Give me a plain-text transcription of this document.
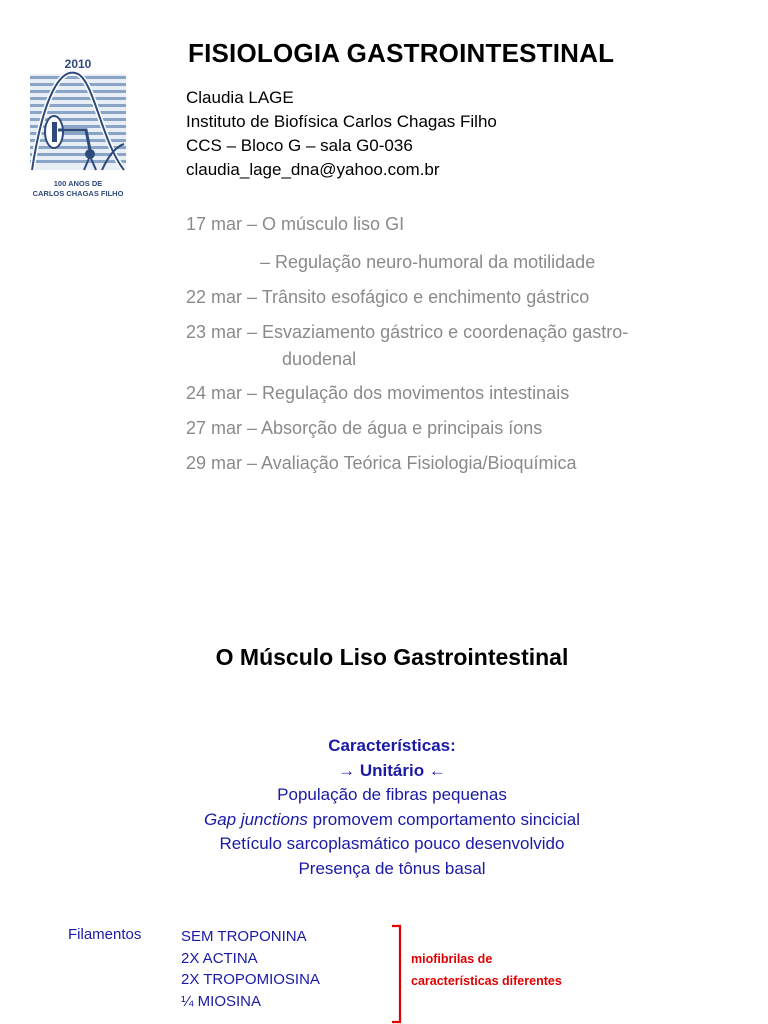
2010
100 ANOS DE
CARLOS CHAGAS FILHO
FISIOLOGIA GASTROINTESTINAL
Claudia LAGE
Instituto de Biofísica Carlos Chagas Filho
CCS – Bloco G – sala G0-036
claudia_lage_dna@yahoo.com.br
17 mar – O músculo liso GI
– Regulação neuro-humoral da motilidade
22 mar – Trânsito esofágico e enchimento gástrico
23 mar – Esvaziamento gástrico e coordenação gastro-
duodenal
24 mar – Regulação dos movimentos intestinais
27 mar – Absorção de água e principais íons
29 mar – Avaliação Teórica Fisiologia/Bioquímica
O Músculo Liso Gastrointestinal
Características:
→ Unitário ←
População de fibras pequenas
Gap junctions promovem comportamento sincicial
Retículo sarcoplasmático pouco desenvolvido
Presença de tônus basal
Filamentos	SEM TROPONINA
2X ACTINA
2X TROPOMIOSINA
¼ MIOSINA
miofibrilas de
características diferentes
